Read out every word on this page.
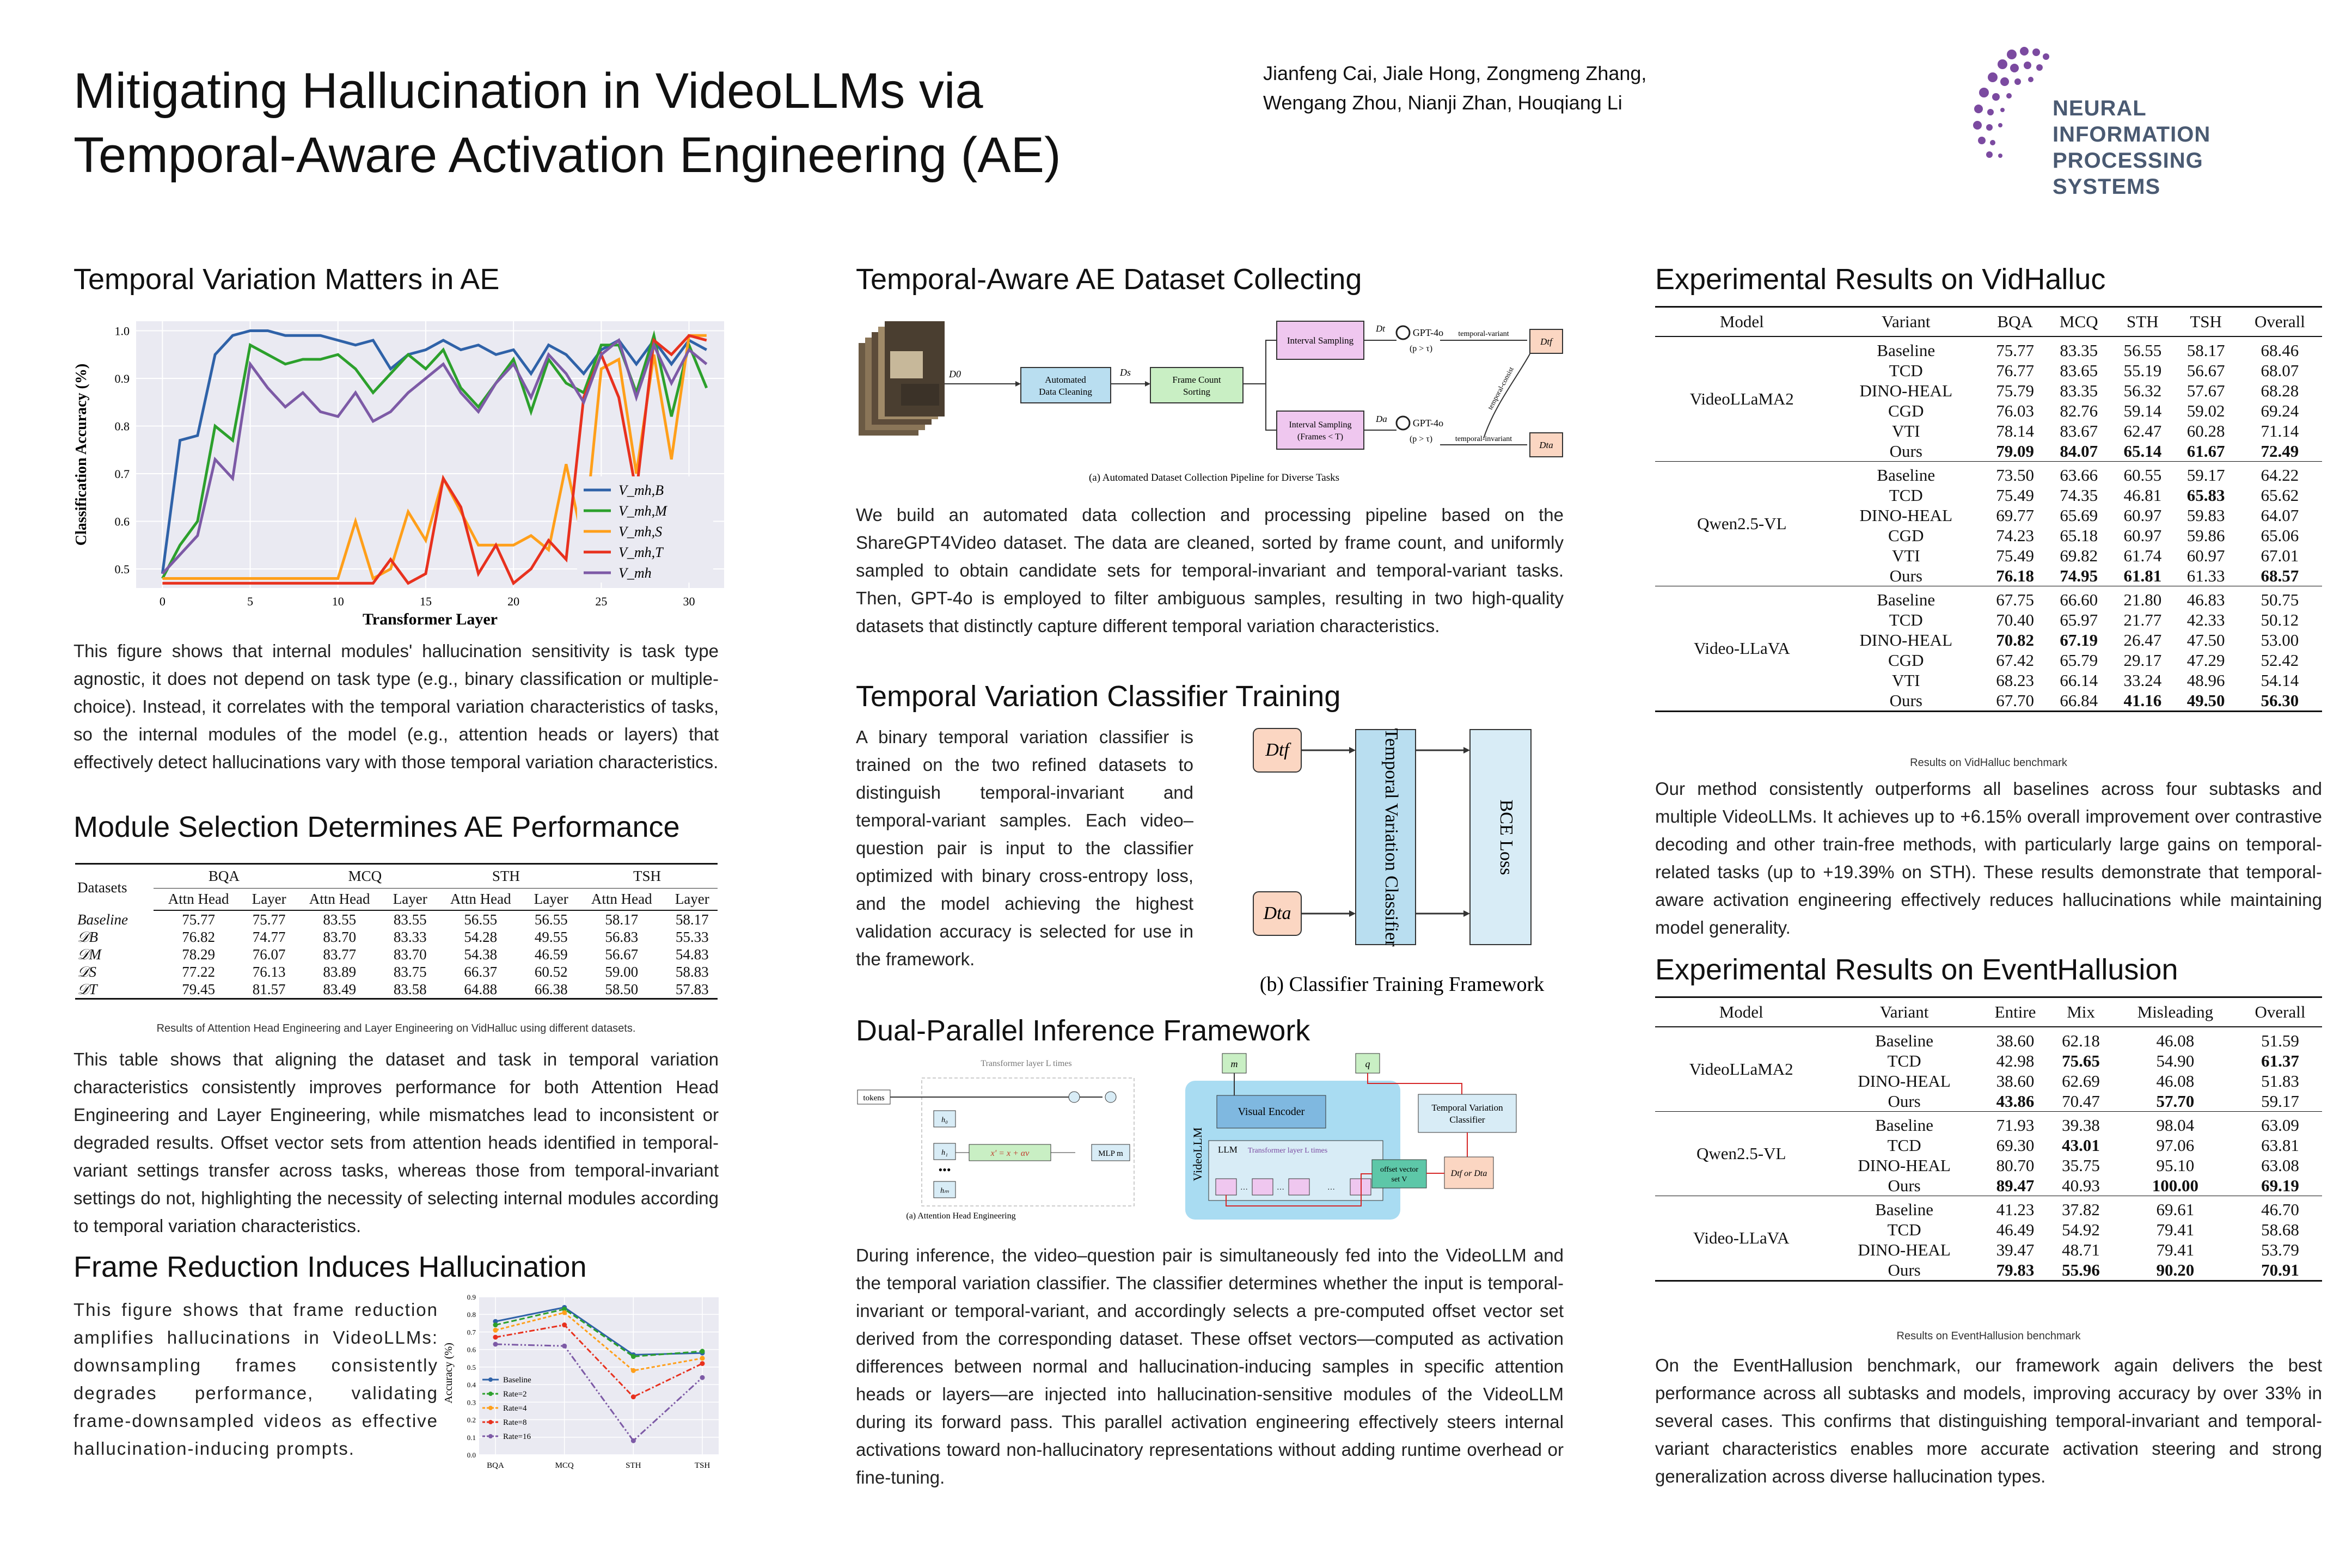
Mitigating Hallucination in VideoLLMs via
Temporal-Aware Activation Engineering (AE)
Jianfeng Cai, Jiale Hong, Zongmeng Zhang,
Wengang Zhou, Nianji Zhan, Houqiang Li	NEURAL INFORMATION
PROCESSING SYSTEMS
Temporal Variation Matters in AE
0.5
0.6
0.7
0.8
0.9
1.0
0	5	10	15	20	25	30
Transformer Layer
Classification Accuracy (%)	V_mh,B
V_mh,M
V_mh,S
V_mh,T
V_mh
This figure shows that internal modules' hallucination sensitivity is task type agnostic, it does not depend on task type (e.g., binary classification or multiple-choice). Instead, it correlates with the temporal variation characteristics of tasks, so the internal modules of the model (e.g., attention heads or layers) that effectively detect hallucinations vary with those temporal variation characteristics.
Module Selection Determines AE Performance
Datasets	BQA		MCQ		STH		TSH	
	Attn Head	Layer	Attn Head	Layer	Attn Head	Layer	Attn Head	Layer
Baseline	75.77	75.77	83.55	83.55	56.55	56.55	58.17	58.17
𝒟B	76.82	74.77	83.70	83.33	54.28	49.55	56.83	55.33
𝒟M	78.29	76.07	83.77	83.70	54.38	46.59	56.67	54.83
𝒟S	77.22	76.13	83.89	83.75	66.37	60.52	59.00	58.83
𝒟T	79.45	81.57	83.49	83.58	64.88	66.38	58.50	57.83
Results of Attention Head Engineering and Layer Engineering on VidHalluc using different datasets.
This table shows that aligning the dataset and task in temporal variation characteristics consistently improves performance for both Attention Head Engineering and Layer Engineering, while mismatches lead to inconsistent or degraded results. Offset vector sets from attention heads identified in temporal-variant settings transfer across tasks, whereas those from temporal-invariant settings do not, highlighting the necessity of selecting internal modules according to temporal variation characteristics.
Frame Reduction Induces Hallucination
This figure shows that frame reduction amplifies hallucinations in VideoLLMs: downsampling frames consistently degrades performance, validating frame-downsampled videos as effective hallucination-inducing prompts.	0.0
0.1
0.2
0.3
0.4
0.5
0.6
0.7
0.8
0.9
BQA	MCQ	STH	TSH
Accuracy (%)	Baseline
Rate=2
Rate=4
Rate=8
Rate=16
Temporal-Aware AE Dataset Collecting
D0
Automated Data Cleaning
Ds
Frame Count Sorting
Interval Sampling
Interval Sampling (Frames < T)
Dt
Da
GPT-4o
(p > τ)
GPT-4o
(p > τ)
temporal-variant
temporal-invariant
temporal-consist
Dtf
Dta
(a) Automated Dataset Collection Pipeline for Diverse Tasks
We build an automated data collection and processing pipeline based on the ShareGPT4Video dataset. The data are cleaned, sorted by frame count, and uniformly sampled to obtain candidate sets for temporal-invariant and temporal-variant tasks. Then, GPT-4o is employed to filter ambiguous samples, resulting in two high-quality datasets that distinctly capture different temporal variation characteristics.
Temporal Variation Classifier Training
A binary temporal variation classifier is trained on the two refined datasets to distinguish temporal-invariant and temporal-variant samples. Each video–question pair is input to the classifier optimized with binary cross-entropy loss, and the model achieving the highest validation accuracy is selected for use in the framework.
Dtf
Dta	Temporal Variation Classifier	BCE Loss
(b) Classifier Training Framework
Dual-Parallel Inference Framework
tokens
Transformer layer L times
h₀
h₁
•••
hₘ
x' = x + αv	MLP m
(a) Attention Head Engineering
VideoLLM
m	q
Visual Encoder
LLM Transformer layer L times
…	…	…
Temporal Variation Classifier
Dtf or Dta
offset vector set V
During inference, the video–question pair is simultaneously fed into the VideoLLM and the temporal variation classifier. The classifier determines whether the input is temporal-invariant or temporal-variant, and accordingly selects a pre-computed offset vector set derived from the corresponding dataset. These offset vectors—computed as activation differences between normal and hallucination-inducing samples in specific attention heads or layers—are injected into hallucination-sensitive modules of the VideoLLM during its forward pass. This parallel activation engineering effectively steers internal activations toward non-hallucinatory representations without adding runtime overhead or fine-tuning.
Experimental Results on VidHalluc
Model	Variant	BQA	MCQ	STH	TSH	Overall
VideoLLaMA2	Baseline	75.77	83.35	56.55	58.17	68.46
	TCD	76.77	83.65	55.19	56.67	68.07
	DINO-HEAL	75.79	83.35	56.32	57.67	68.28
	CGD	76.03	82.76	59.14	59.02	69.24
	VTI	78.14	83.67	62.47	60.28	71.14
	Ours	79.09	84.07	65.14	61.67	72.49
Qwen2.5-VL	Baseline	73.50	63.66	60.55	59.17	64.22
	TCD	75.49	74.35	46.81	65.83	65.62
	DINO-HEAL	69.77	65.69	60.97	59.83	64.07
	CGD	74.23	65.18	60.97	59.86	65.06
	VTI	75.49	69.82	61.74	60.97	67.01
	Ours	76.18	74.95	61.81	61.33	68.57
Video-LLaVA	Baseline	67.75	66.60	21.80	46.83	50.75
	TCD	70.40	65.97	21.77	42.33	50.12
	DINO-HEAL	70.82	67.19	26.47	47.50	53.00
	CGD	67.42	65.79	29.17	47.29	52.42
	VTI	68.23	66.14	33.24	48.96	54.14
	Ours	67.70	66.84	41.16	49.50	56.30
Results on VidHalluc benchmark
Our method consistently outperforms all baselines across four subtasks and multiple VideoLLMs. It achieves up to +6.15% overall improvement over contrastive decoding and other train-free methods, with particularly large gains on temporal-related tasks (up to +19.39% on STH). These results demonstrate that temporal-aware activation engineering effectively reduces hallucinations while maintaining model generality.
Experimental Results on EventHallusion
Model	Variant	Entire	Mix	Misleading	Overall
VideoLLaMA2	Baseline	38.60	62.18	46.08	51.59
	TCD	42.98	75.65	54.90	61.37
	DINO-HEAL	38.60	62.69	46.08	51.83
	Ours	43.86	70.47	57.70	59.17
Qwen2.5-VL	Baseline	71.93	39.38	98.04	63.09
	TCD	69.30	43.01	97.06	63.81
	DINO-HEAL	80.70	35.75	95.10	63.08
	Ours	89.47	40.93	100.00	69.19
Video-LLaVA	Baseline	41.23	37.82	69.61	46.70
	TCD	46.49	54.92	79.41	58.68
	DINO-HEAL	39.47	48.71	79.41	53.79
	Ours	79.83	55.96	90.20	70.91
Results on EventHallusion benchmark
On the EventHallusion benchmark, our framework again delivers the best performance across all subtasks and models, improving accuracy by over 33% in several cases. This confirms that distinguishing temporal-invariant and temporal-variant characteristics enables more accurate activation steering and strong generalization across diverse hallucination types.
